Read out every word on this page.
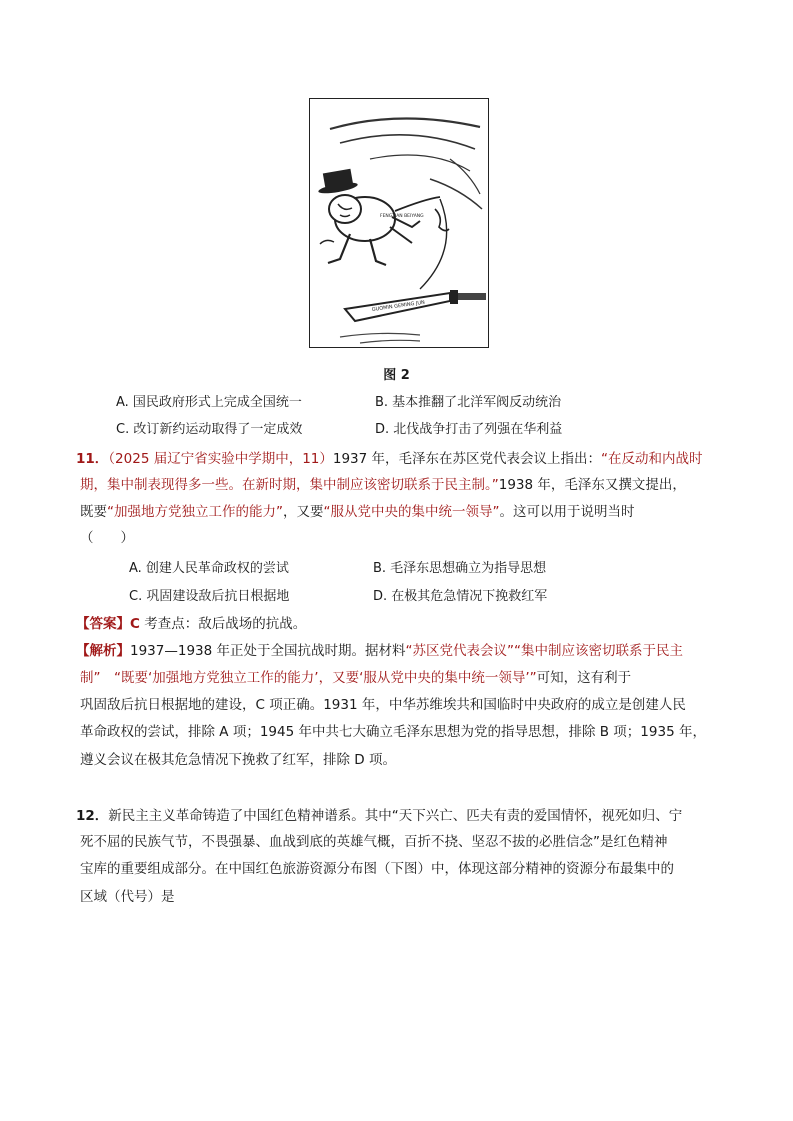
GUOMIN GEMING JUN
FENGTIAN BEIYANG
图 2
A. 国民政府形式上完成全国统一	B. 基本推翻了北洋军阀反动统治
C. 改订新约运动取得了一定成效	D. 北伐战争打击了列强在华利益
11．（2025 届辽宁省实验中学期中，11）1937 年，毛泽东在苏区党代表会议上指出：“在反动和内战时
期，集中制表现得多一些。在新时期，集中制应该密切联系于民主制。”1938 年，毛泽东又撰文提出，
既要“加强地方党独立工作的能力”，又要“服从党中央的集中统一领导”。这可以用于说明当时
（　　）
A. 创建人民革命政权的尝试	B. 毛泽东思想确立为指导思想
C. 巩固建设敌后抗日根据地	D. 在极其危急情况下挽救红军
【答案】C 考查点：敌后战场的抗战。
【解析】1937—1938 年正处于全国抗战时期。据材料“苏区党代表会议”“集中制应该密切联系于民主
制”　“既要‘加强地方党独立工作的能力’，又要‘服从党中央的集中统一领导’”可知，这有利于
巩固敌后抗日根据地的建设，C 项正确。1931 年，中华苏维埃共和国临时中央政府的成立是创建人民
革命政权的尝试，排除 A 项；1945 年中共七大确立毛泽东思想为党的指导思想，排除 B 项；1935 年，
遵义会议在极其危急情况下挽救了红军，排除 D 项。
12．新民主主义革命铸造了中国红色精神谱系。其中“天下兴亡、匹夫有责的爱国情怀，视死如归、宁
死不屈的民族气节，不畏强暴、血战到底的英雄气概，百折不挠、坚忍不拔的必胜信念”是红色精神
宝库的重要组成部分。在中国红色旅游资源分布图（下图）中，体现这部分精神的资源分布最集中的
区域（代号）是
